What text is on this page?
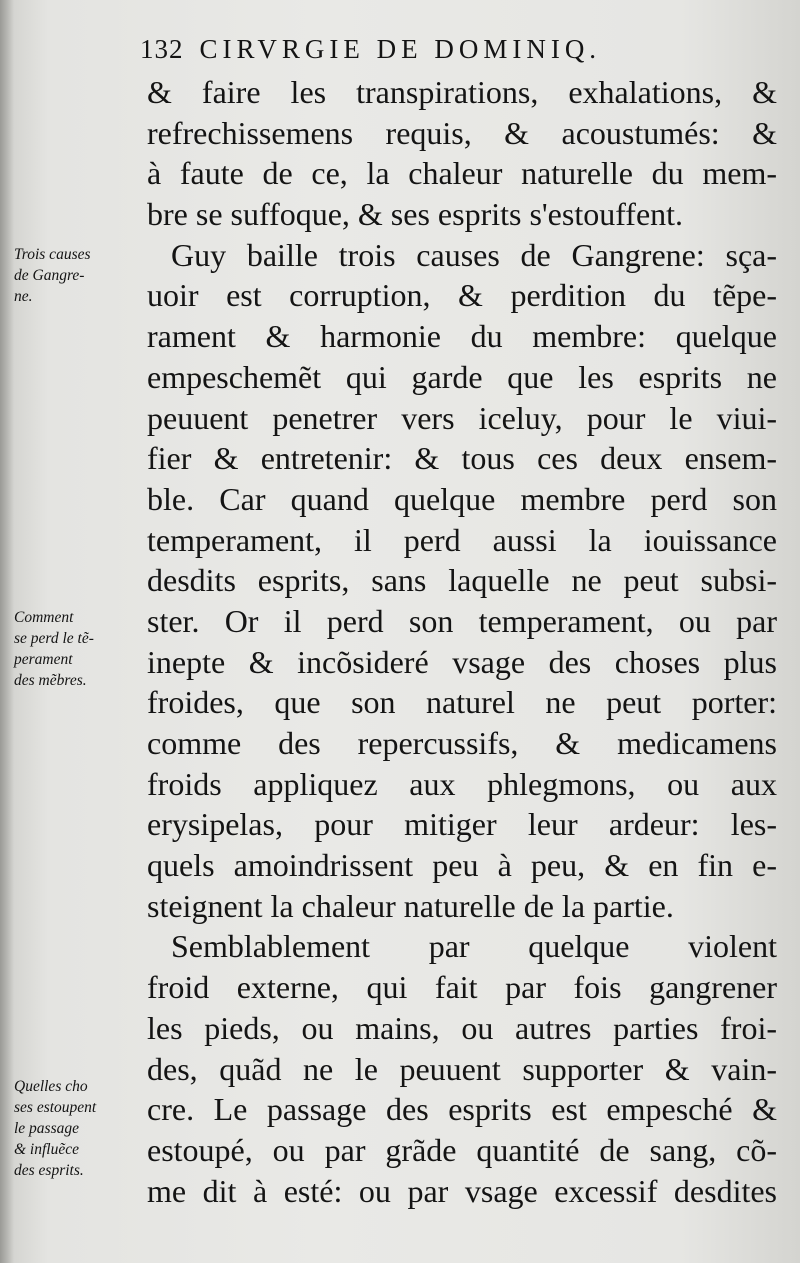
132 CIRVRGIE DE DOMINIQ.
Trois causes
de Gangre-
ne.
Comment
se perd le tẽ-
perament
des mẽbres.
Quelles cho
ses estoupent
le passage
& influẽce
des esprits.
& faire les transpirations, exhalations, &
refrechissemens requis, & acoustumés: &
à faute de ce, la chaleur naturelle du mem-
bre se suffoque, & ses esprits s'estouffent.
Guy baille trois causes de Gangrene: sça-
uoir est corruption, & perdition du tẽpe-
rament & harmonie du membre: quelque
empeschemẽt qui garde que les esprits ne
peuuent penetrer vers iceluy, pour le viui-
fier & entretenir: & tous ces deux ensem-
ble. Car quand quelque membre perd son
temperament, il perd aussi la iouissance
desdits esprits, sans laquelle ne peut subsi-
ster. Or il perd son temperament, ou par
inepte & incõsideré vsage des choses plus
froides, que son naturel ne peut porter:
comme des repercussifs, & medicamens
froids appliquez aux phlegmons, ou aux
erysipelas, pour mitiger leur ardeur: les-
quels amoindrissent peu à peu, & en fin e-
steignent la chaleur naturelle de la partie.
Semblablement par quelque violent
froid externe, qui fait par fois gangrener
les pieds, ou mains, ou autres parties froi-
des, quãd ne le peuuent supporter & vain-
cre. Le passage des esprits est empesché &
estoupé, ou par grãde quantité de sang, cõ-
me dit à esté: ou par vsage excessif desdites
